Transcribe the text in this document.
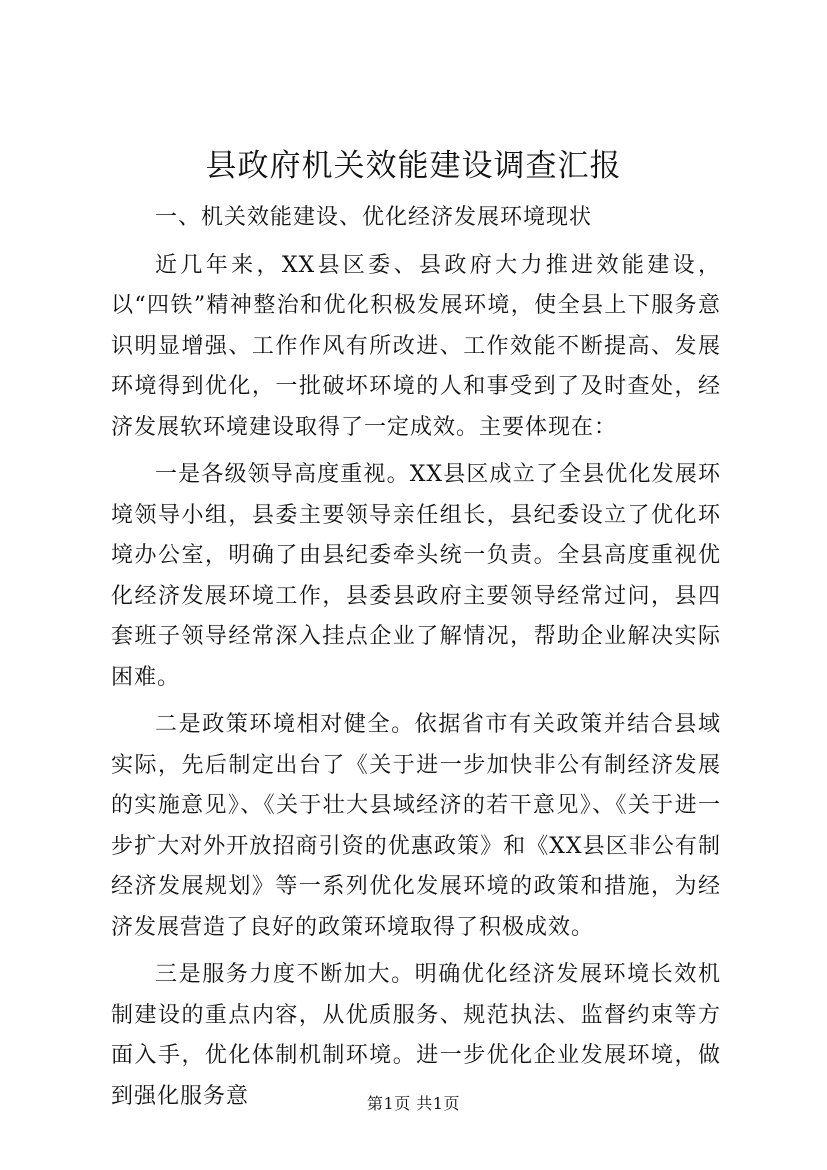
县政府机关效能建设调查汇报

一、机关效能建设、优化经济发展环境现状

近几年来，XX县区委、县政府大力推进效能建设，以“四铁”精神整治和优化积极发展环境，使全县上下服务意识明显增强、工作作风有所改进、工作效能不断提高、发展环境得到优化，一批破坏环境的人和事受到了及时查处，经济发展软环境建设取得了一定成效。主要体现在：

一是各级领导高度重视。XX县区成立了全县优化发展环境领导小组，县委主要领导亲任组长，县纪委设立了优化环境办公室，明确了由县纪委牵头统一负责。全县高度重视优化经济发展环境工作，县委县政府主要领导经常过问，县四套班子领导经常深入挂点企业了解情况，帮助企业解决实际困难。

二是政策环境相对健全。依据省市有关政策并结合县域实际，先后制定出台了《关于进一步加快非公有制经济发展的实施意见》、《关于壮大县域经济的若干意见》、《关于进一步扩大对外开放招商引资的优惠政策》和《XX县区非公有制经济发展规划》等一系列优化发展环境的政策和措施，为经济发展营造了良好的政策环境取得了积极成效。

三是服务力度不断加大。明确优化经济发展环境长效机制建设的重点内容，从优质服务、规范执法、监督约束等方面入手，优化体制机制环境。进一步优化企业发展环境，做到强化服务意	第1页 共1页
